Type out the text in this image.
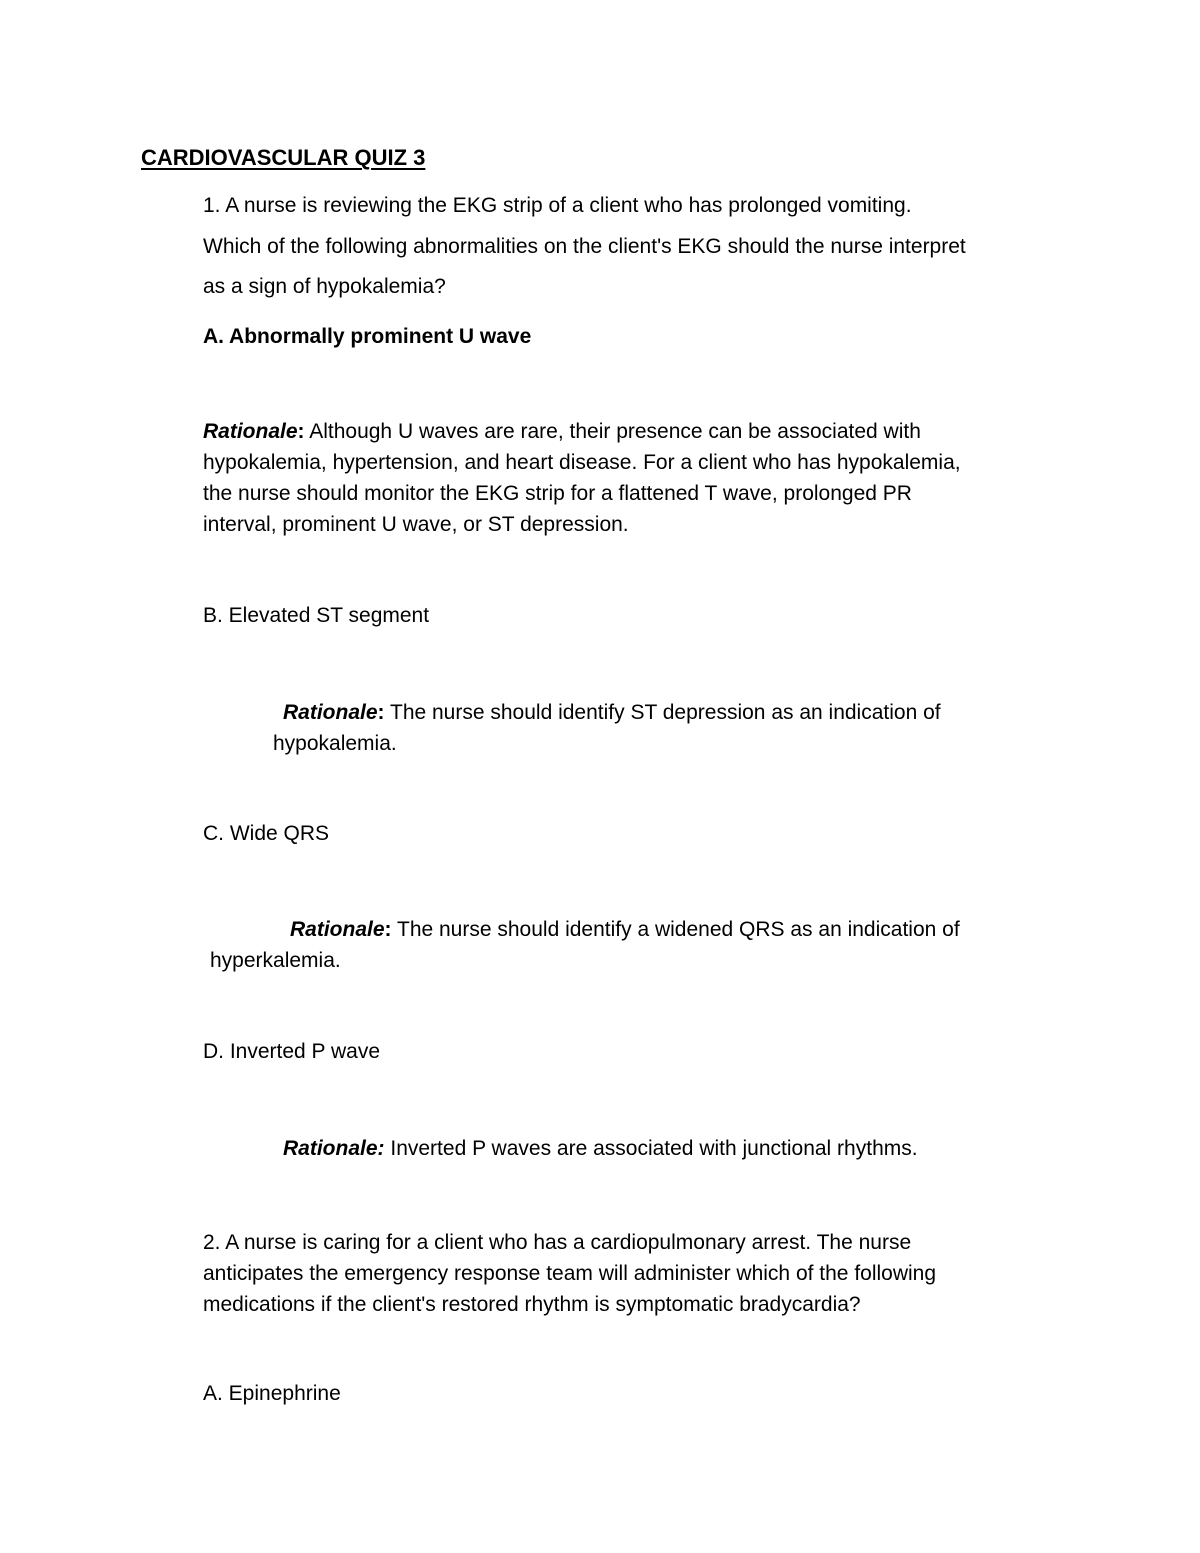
CARDIOVASCULAR QUIZ 3
1. A nurse is reviewing the EKG strip of a client who has prolonged vomiting.
Which of the following abnormalities on the client's EKG should the nurse interpret
as a sign of hypokalemia?
A. Abnormally prominent U wave
Rationale: Although U waves are rare, their presence can be associated with
hypokalemia, hypertension, and heart disease. For a client who has hypokalemia,
the nurse should monitor the EKG strip for a flattened T wave, prolonged PR
interval, prominent U wave, or ST depression.
B. Elevated ST segment
Rationale: The nurse should identify ST depression as an indication of
hypokalemia.
C. Wide QRS
Rationale: The nurse should identify a widened QRS as an indication of
hyperkalemia.
D. Inverted P wave
Rationale: Inverted P waves are associated with junctional rhythms.
2. A nurse is caring for a client who has a cardiopulmonary arrest. The nurse
anticipates the emergency response team will administer which of the following
medications if the client's restored rhythm is symptomatic bradycardia?
A. Epinephrine
